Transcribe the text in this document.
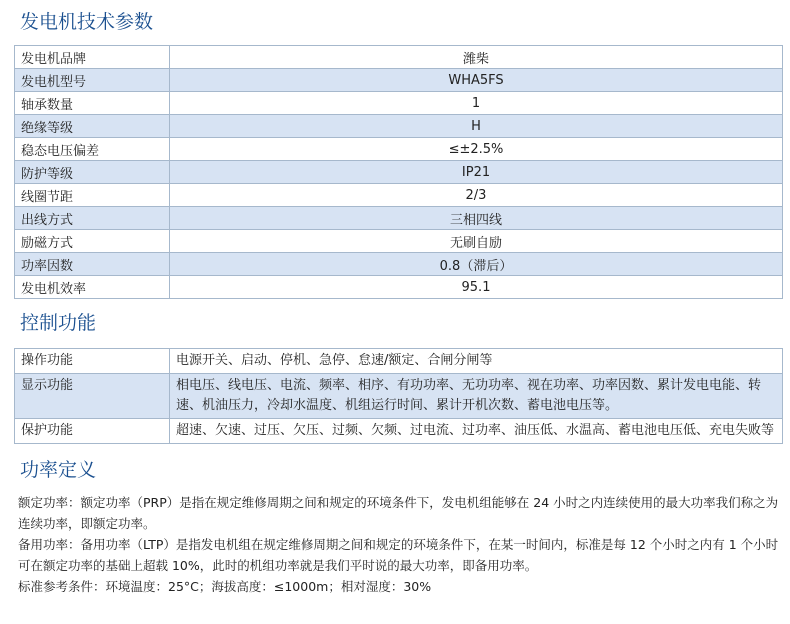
发电机技术参数
发电机品牌	潍柴
发电机型号	WHA5FS
轴承数量	1
绝缘等级	H
稳态电压偏差	≤±2.5%
防护等级	IP21
线圈节距	2/3
出线方式	三相四线
励磁方式	无刷自励
功率因数	0.8（滞后）
发电机效率	95.1
控制功能
操作功能	电源开关、启动、停机、急停、怠速/额定、合闸分闸等
显示功能	相电压、线电压、电流、频率、相序、有功功率、无功功率、视在功率、功率因数、累计发电电能、转速、机油压力，冷却水温度、机组运行时间、累计开机次数、蓄电池电压等。
保护功能	超速、欠速、过压、欠压、过频、欠频、过电流、过功率、油压低、水温高、蓄电池电压低、充电失败等
功率定义

额定功率：额定功率（PRP）是指在规定维修周期之间和规定的环境条件下，发电机组能够在 24 小时之内连续使用的最大功率我们称之为连续功率，即额定功率。

备用功率：备用功率（LTP）是指发电机组在规定维修周期之间和规定的环境条件下，在某一时间内，标准是每 12 个小时之内有 1 个小时可在额定功率的基础上超载 10%，此时的机组功率就是我们平时说的最大功率，即备用功率。

标准参考条件：环境温度：25°C；海拔高度：≤1000m；相对湿度：30%
